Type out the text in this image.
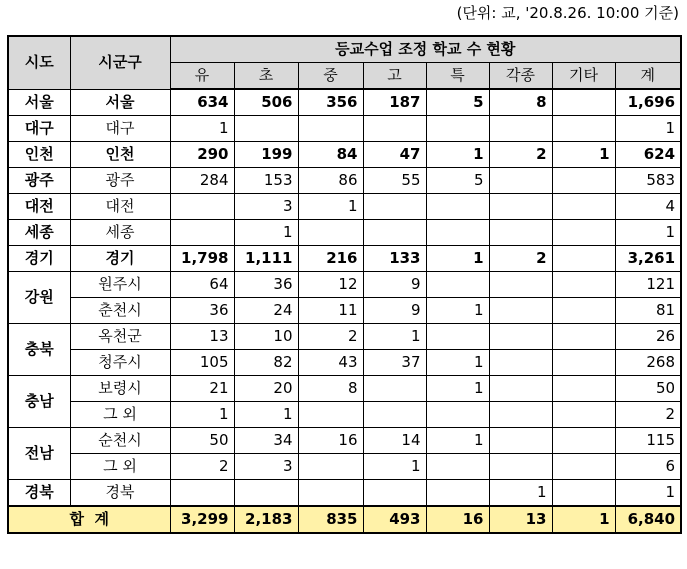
(단위: 교, '20.8.26. 10:00 기준)
시도	시군구	등교수업 조정 학교 수 현황							
		유	초	중	고	특	각종	기타	계
서울	서울	634	506	356	187	5	8		1,696
대구	대구	1							1
인천	인천	290	199	84	47	1	2	1	624
광주	광주	284	153	86	55	5			583
대전	대전		3	1					4
세종	세종		1						1
경기	경기	1,798	1,111	216	133	1	2		3,261
강원	원주시	64	36	12	9				121
	춘천시	36	24	11	9	1			81
충북	옥천군	13	10	2	1				26
	청주시	105	82	43	37	1			268
충남	보령시	21	20	8		1			50
	그 외	1	1						2
전남	순천시	50	34	16	14	1			115
	그 외	2	3		1				6
경북	경북						1		1
합  계		3,299	2,183	835	493	16	13	1	6,840
